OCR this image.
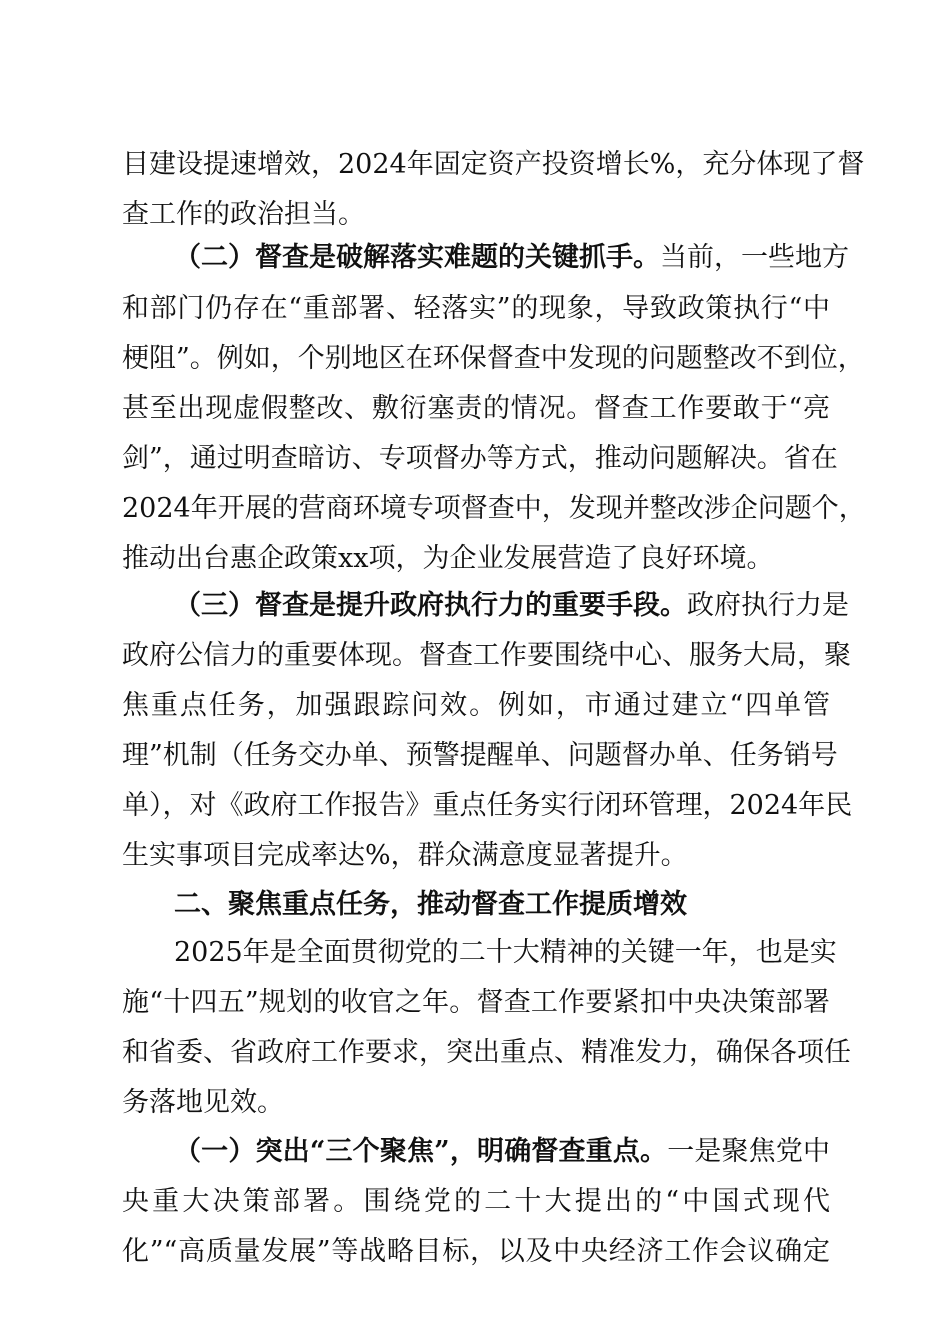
目建设提速增效，2024年固定资产投资增长%，充分体现了督
查工作的政治担当。
（二）督查是破解落实难题的关键抓手。当前，一些地方
和部门仍存在“重部署、轻落实”的现象，导致政策执行“中
梗阻”。例如，个别地区在环保督查中发现的问题整改不到位，
甚至出现虚假整改、敷衍塞责的情况。督查工作要敢于“亮
剑”，通过明查暗访、专项督办等方式，推动问题解决。省在
2024年开展的营商环境专项督查中，发现并整改涉企问题个，
推动出台惠企政策xx项，为企业发展营造了良好环境。
（三）督查是提升政府执行力的重要手段。政府执行力是
政府公信力的重要体现。督查工作要围绕中心、服务大局，聚
焦重点任务，加强跟踪问效。例如，市通过建立“四单管
理”机制（任务交办单、预警提醒单、问题督办单、任务销号
单），对《政府工作报告》重点任务实行闭环管理，2024年民
生实事项目完成率达%，群众满意度显著提升。
二、聚焦重点任务，推动督查工作提质增效
2025年是全面贯彻党的二十大精神的关键一年，也是实
施“十四五”规划的收官之年。督查工作要紧扣中央决策部署
和省委、省政府工作要求，突出重点、精准发力，确保各项任
务落地见效。
（一）突出“三个聚焦”，明确督查重点。一是聚焦党中
央重大决策部署。围绕党的二十大提出的“中国式现代
化”“高质量发展”等战略目标，以及中央经济工作会议确定
